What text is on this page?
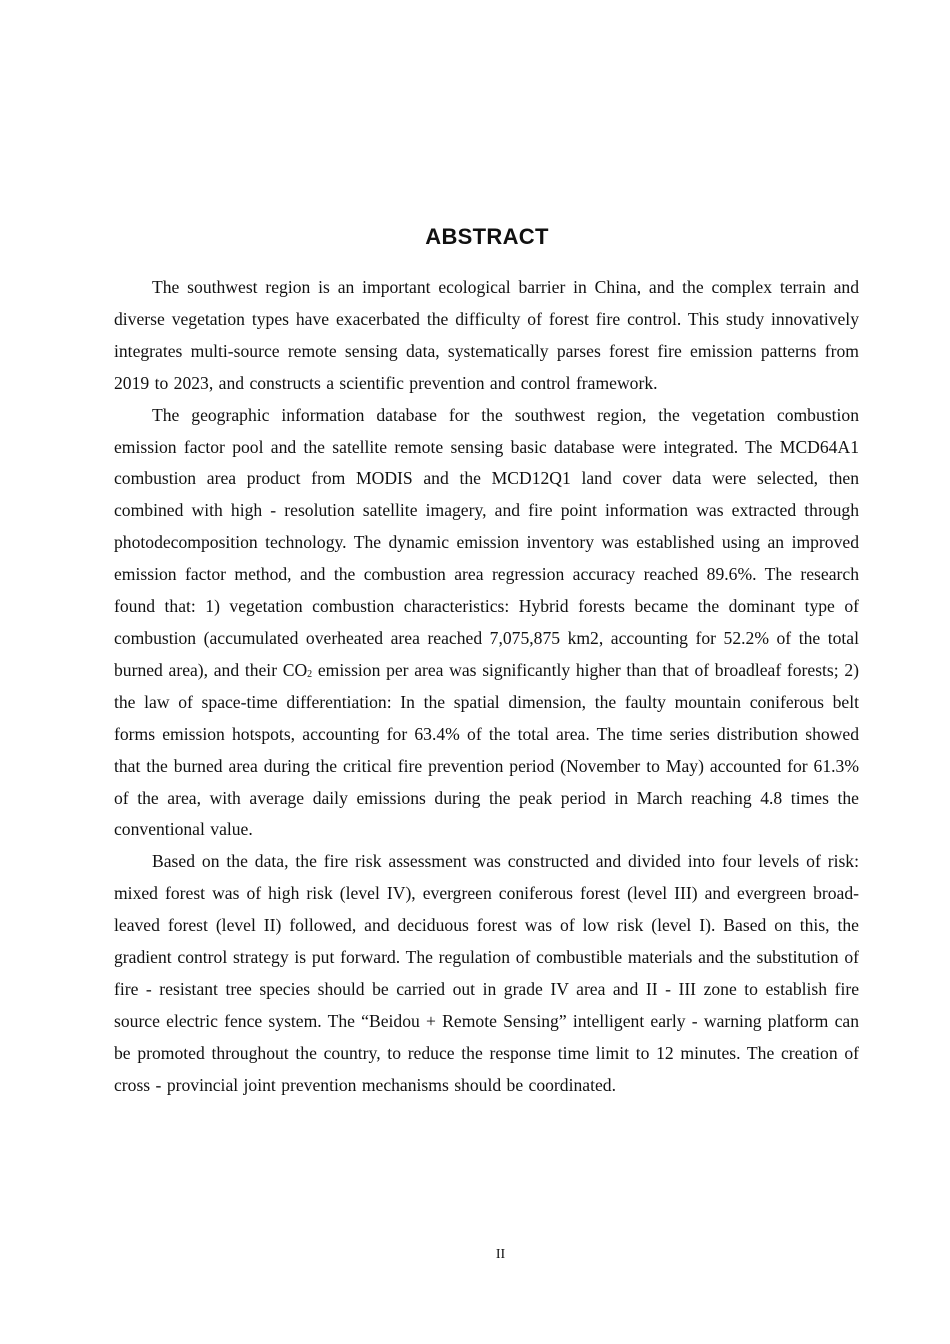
ABSTRACT

The southwest region is an important ecological barrier in China, and the complex terrain and diverse vegetation types have exacerbated the difficulty of forest fire control. This study innovatively integrates multi-source remote sensing data, systematically parses forest fire emission patterns from 2019 to 2023, and constructs a scientific prevention and control framework.

The geographic information database for the southwest region, the vegetation combustion emission factor pool and the satellite remote sensing basic database were integrated. The MCD64A1 combustion area product from MODIS and the MCD12Q1 land cover data were selected, then combined with high - resolution satellite imagery, and fire point information was extracted through photodecomposition technology. The dynamic emission inventory was established using an improved emission factor method, and the combustion area regression accuracy reached 89.6%. The research found that: 1) vegetation combustion characteristics: Hybrid forests became the dominant type of combustion (accumulated overheated area reached 7,075,875 km2, accounting for 52.2% of the total burned area), and their $CO_2$ emission per area was significantly higher than that of broadleaf forests; 2) the law of space-time differentiation: In the spatial dimension, the faulty mountain coniferous belt forms emission hotspots, accounting for 63.4% of the total area. The time series distribution showed that the burned area during the critical fire prevention period (November to May) accounted for 61.3% of the area, with average daily emissions during the peak period in March reaching 4.8 times the conventional value.

Based on the data, the fire risk assessment was constructed and divided into four levels of risk: mixed forest was of high risk (level IV), evergreen coniferous forest (level III) and evergreen broad-leaved forest (level II) followed, and deciduous forest was of low risk (level I). Based on this, the gradient control strategy is put forward. The regulation of combustible materials and the substitution of fire - resistant tree species should be carried out in grade IV area and II - III zone to establish fire source electric fence system. The “Beidou + Remote Sensing” intelligent early - warning platform can be promoted throughout the country, to reduce the response time limit to 12 minutes. The creation of cross - provincial joint prevention mechanisms should be coordinated.

II
